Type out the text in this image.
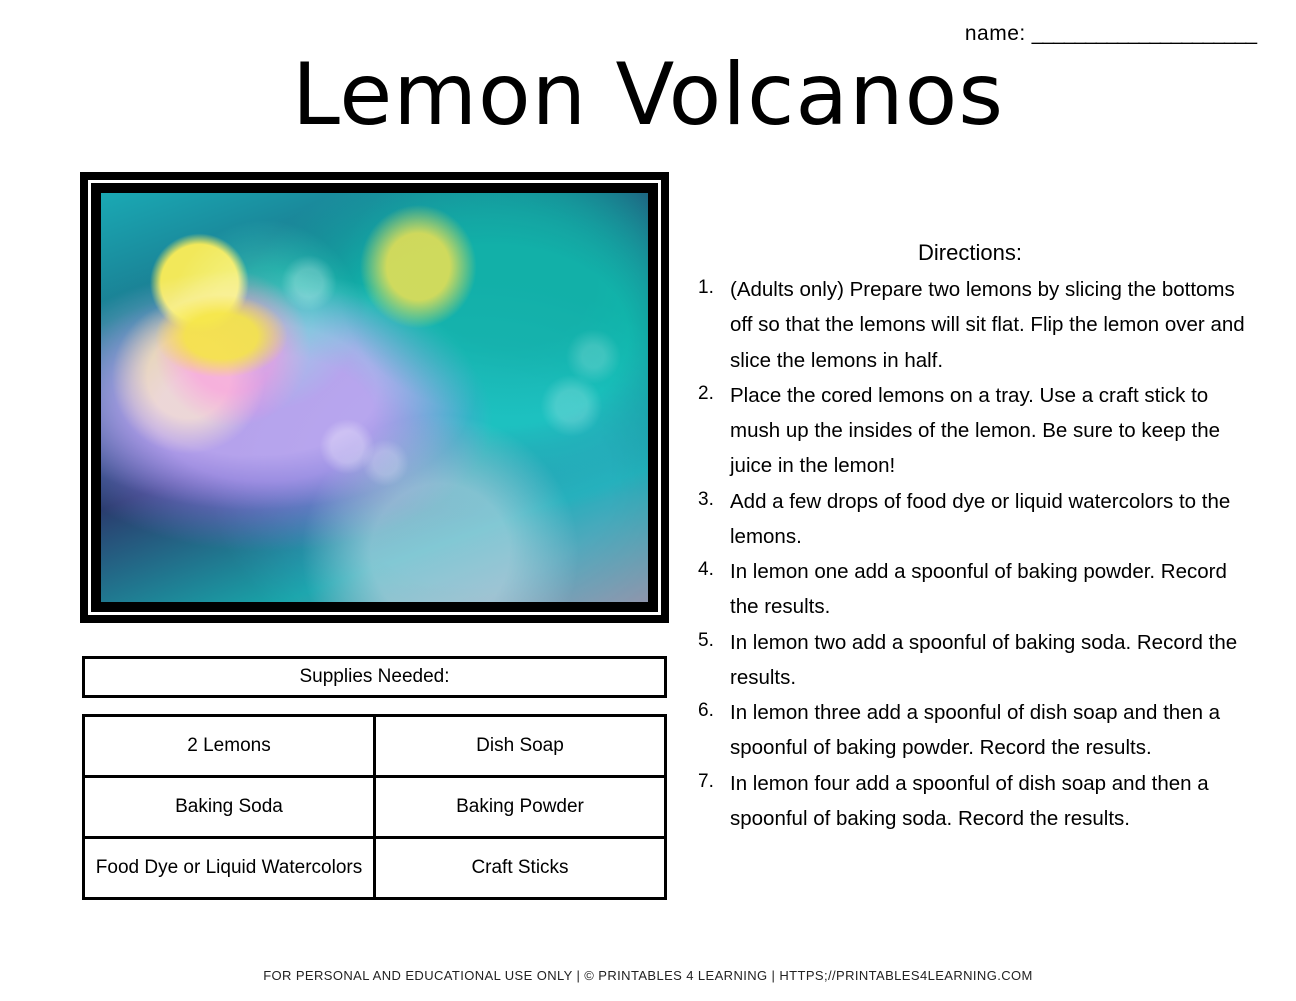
name: _____________________
Lemon Volcanos
Supplies Needed:
2 Lemons	Dish Soap
Baking Soda	Baking Powder
Food Dye or Liquid Watercolors	Craft Sticks
Directions:
1. (Adults only) Prepare two lemons by slicing the bottoms off so that the lemons will sit flat. Flip the lemon over and slice the lemons in half.
2. Place the cored lemons on a tray. Use a craft stick to mush up the insides of the lemon. Be sure to keep the juice in the lemon!
3. Add a few drops of food dye or liquid watercolors to the lemons.
4. In lemon one add a spoonful of baking powder. Record the results.
5. In lemon two add a spoonful of baking soda. Record the results.
6. In lemon three add a spoonful of dish soap and then a spoonful of baking powder. Record the results.
7. In lemon four add a spoonful of dish soap and then a spoonful of baking soda. Record the results.
FOR PERSONAL AND EDUCATIONAL USE ONLY | © PRINTABLES 4 LEARNING | HTTPS;//PRINTABLES4LEARNING.COM
